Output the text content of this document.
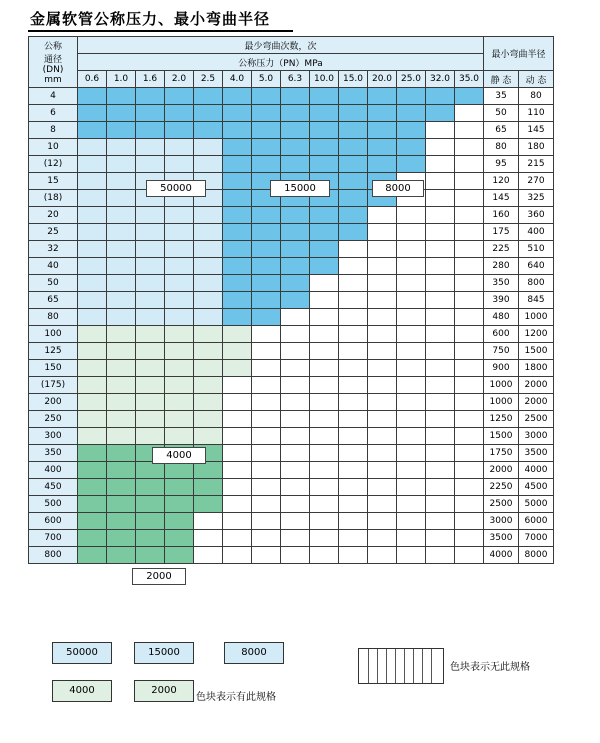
金属软管公称压力、最小弯曲半径
公称
通径
(DN)
mm	最少弯曲次数，次														最小弯曲半径	
	公称压力（PN）MPa															
	0.6	1.0	1.6	2.0	2.5	4.0	5.0	6.3	10.0	15.0	20.0	25.0	32.0	35.0	静 态	动 态
4															35	80
6															50	110
8															65	145
10															80	180
(12)															95	215
15															120	270
(18)															145	325
20															160	360
25															175	400
32															225	510
40															280	640
50															350	800
65															390	845
80															480	1000
100															600	1200
125															750	1500
150															900	1800
(175)															1000	2000
200															1000	2000
250															1250	2500
300															1500	3000
350															1750	3500
400															2000	4000
450															2250	4500
500															2500	5000
600															3000	6000
700															3500	7000
800															4000	8000
50000	15000	8000
4000
2000
色块表示无此规格
色块表示有此规格
50000	15000	8000
4000	2000
